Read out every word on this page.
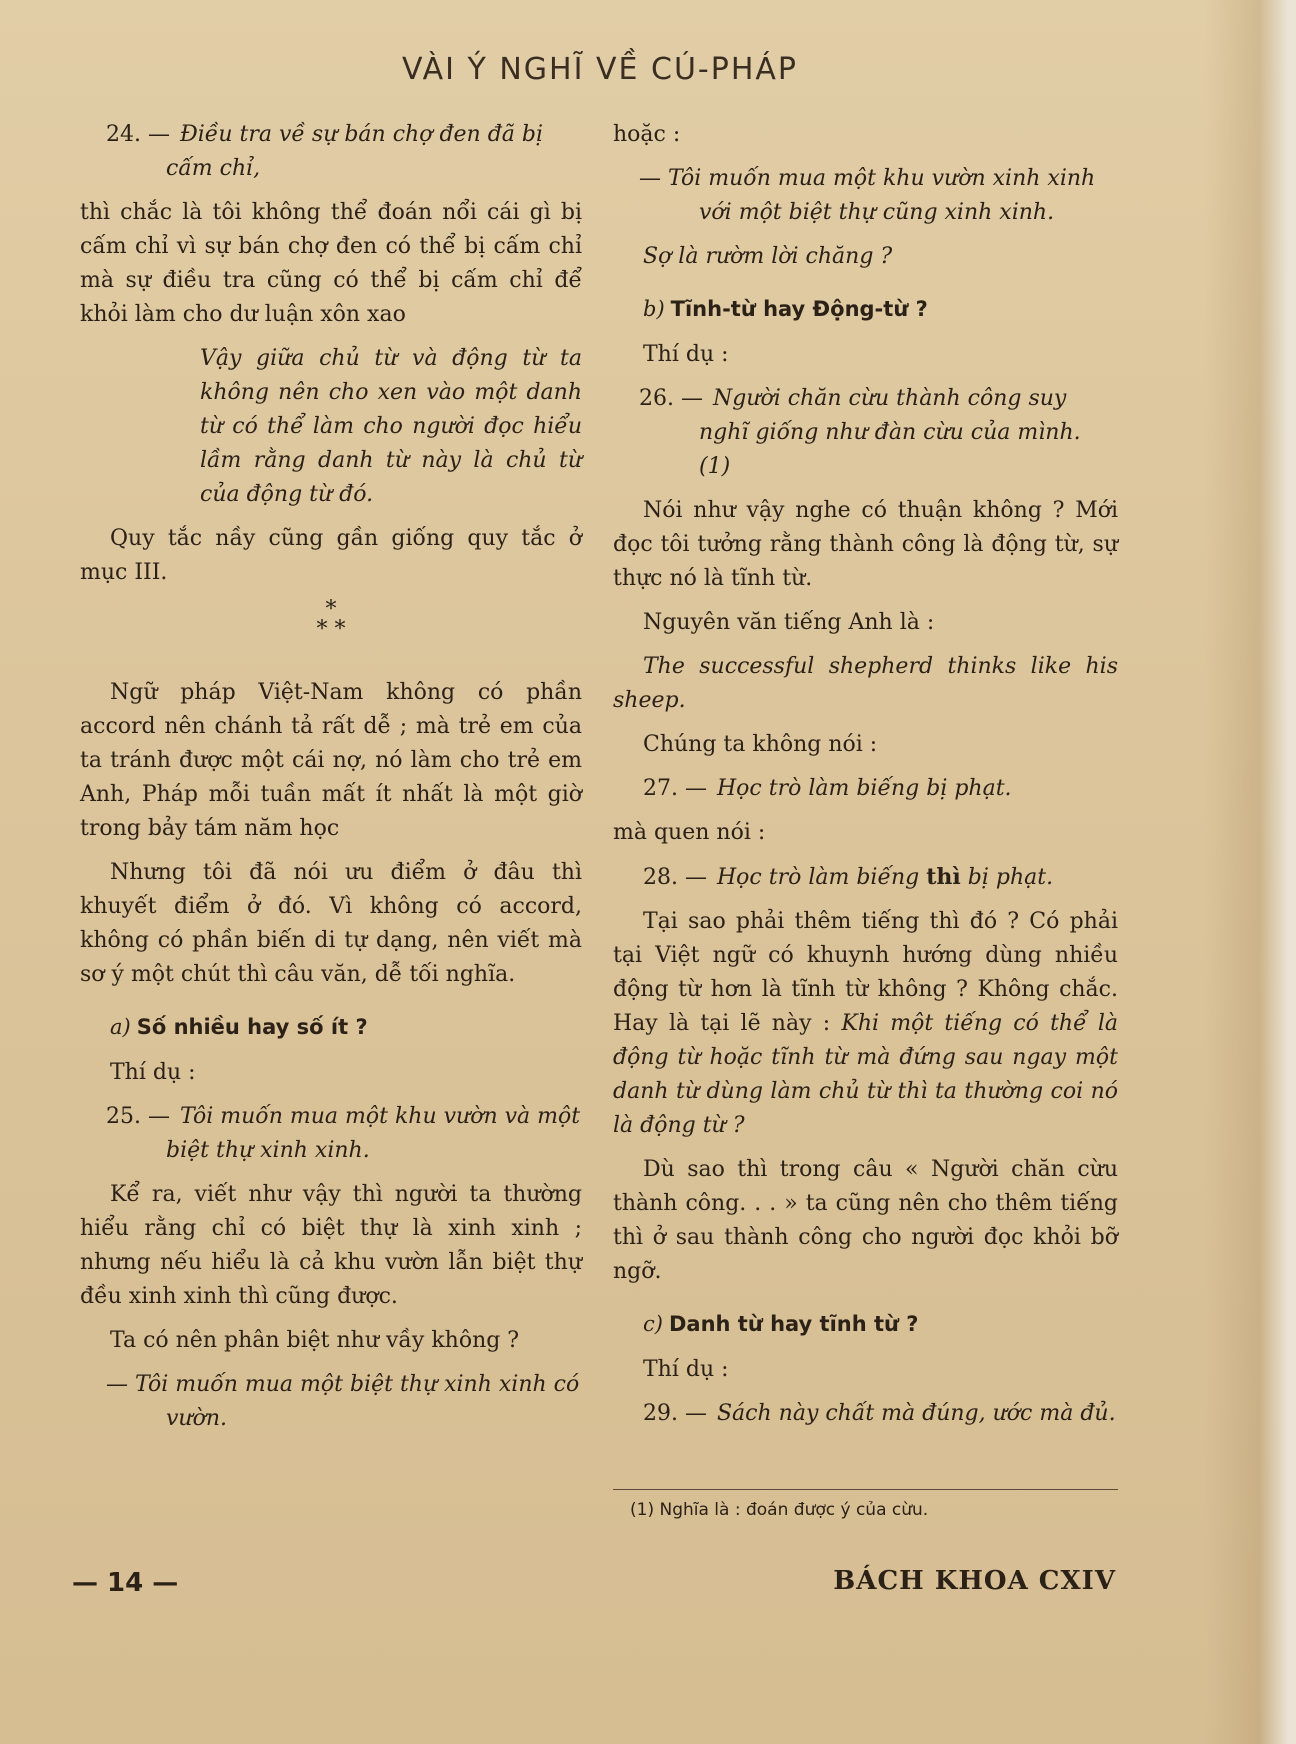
VÀI Ý NGHĨ VỀ CÚ-PHÁP

24. — Điều tra về sự bán chợ đen đã bị cấm chỉ,

thì chắc là tôi không thể đoán nổi cái gì bị cấm chỉ vì sự bán chợ đen có thể bị cấm chỉ mà sự điều tra cũng có thể bị cấm chỉ để khỏi làm cho dư luận xôn xao

Vậy giữa chủ từ và động từ ta không nên cho xen vào một danh từ có thể làm cho người đọc hiểu lầm rằng danh từ này là chủ từ của động từ đó.

Quy tắc nầy cũng gần giống quy tắc ở mục III.

*
* *

Ngữ pháp Việt-Nam không có phần accord nên chánh tả rất dễ ; mà trẻ em của ta tránh được một cái nợ, nó làm cho trẻ em Anh, Pháp mỗi tuần mất ít nhất là một giờ trong bảy tám năm học

Nhưng tôi đã nói ưu điểm ở đâu thì khuyết điểm ở đó. Vì không có accord, không có phần biến di tự dạng, nên viết mà sơ ý một chút thì câu văn, dễ tối nghĩa.

a) Số nhiều hay số ít ?

Thí dụ :

25. — Tôi muốn mua một khu vườn và một biệt thự xinh xinh.

Kể ra, viết như vậy thì người ta thường hiểu rằng chỉ có biệt thự là xinh xinh ; nhưng nếu hiểu là cả khu vườn lẫn biệt thự đều xinh xinh thì cũng được.

Ta có nên phân biệt như vầy không ?

— Tôi muốn mua một biệt thự xinh xinh có vườn.

hoặc :

— Tôi muốn mua một khu vườn xinh xinh với một biệt thự cũng xinh xinh.

Sợ là rườm lời chăng ?

b) Tĩnh-từ hay Động-từ ?

Thí dụ :

26. — Người chăn cừu thành công suy nghĩ giống như đàn cừu của mình. (1)

Nói như vậy nghe có thuận không ? Mới đọc tôi tưởng rằng thành công là động từ, sự thực nó là tĩnh từ.

Nguyên văn tiếng Anh là :

The successful shepherd thinks like his sheep.

Chúng ta không nói :

27. — Học trò làm biếng bị phạt.

mà quen nói :

28. — Học trò làm biếng thì bị phạt.

Tại sao phải thêm tiếng thì đó ? Có phải tại Việt ngữ có khuynh hướng dùng nhiều động từ hơn là tĩnh từ không ? Không chắc. Hay là tại lẽ này : Khi một tiếng có thể là động từ hoặc tĩnh từ mà đứng sau ngay một danh từ dùng làm chủ từ thì ta thường coi nó là động từ ?

Dù sao thì trong câu « Người chăn cừu thành công. . . » ta cũng nên cho thêm tiếng thì ở sau thành công cho người đọc khỏi bỡ ngỡ.

c) Danh từ hay tĩnh từ ?

Thí dụ :

29. — Sách này chất mà đúng, ước mà đủ.

(1) Nghĩa là : đoán được ý của cừu.
— 14 —	BÁCH KHOA CXIV
